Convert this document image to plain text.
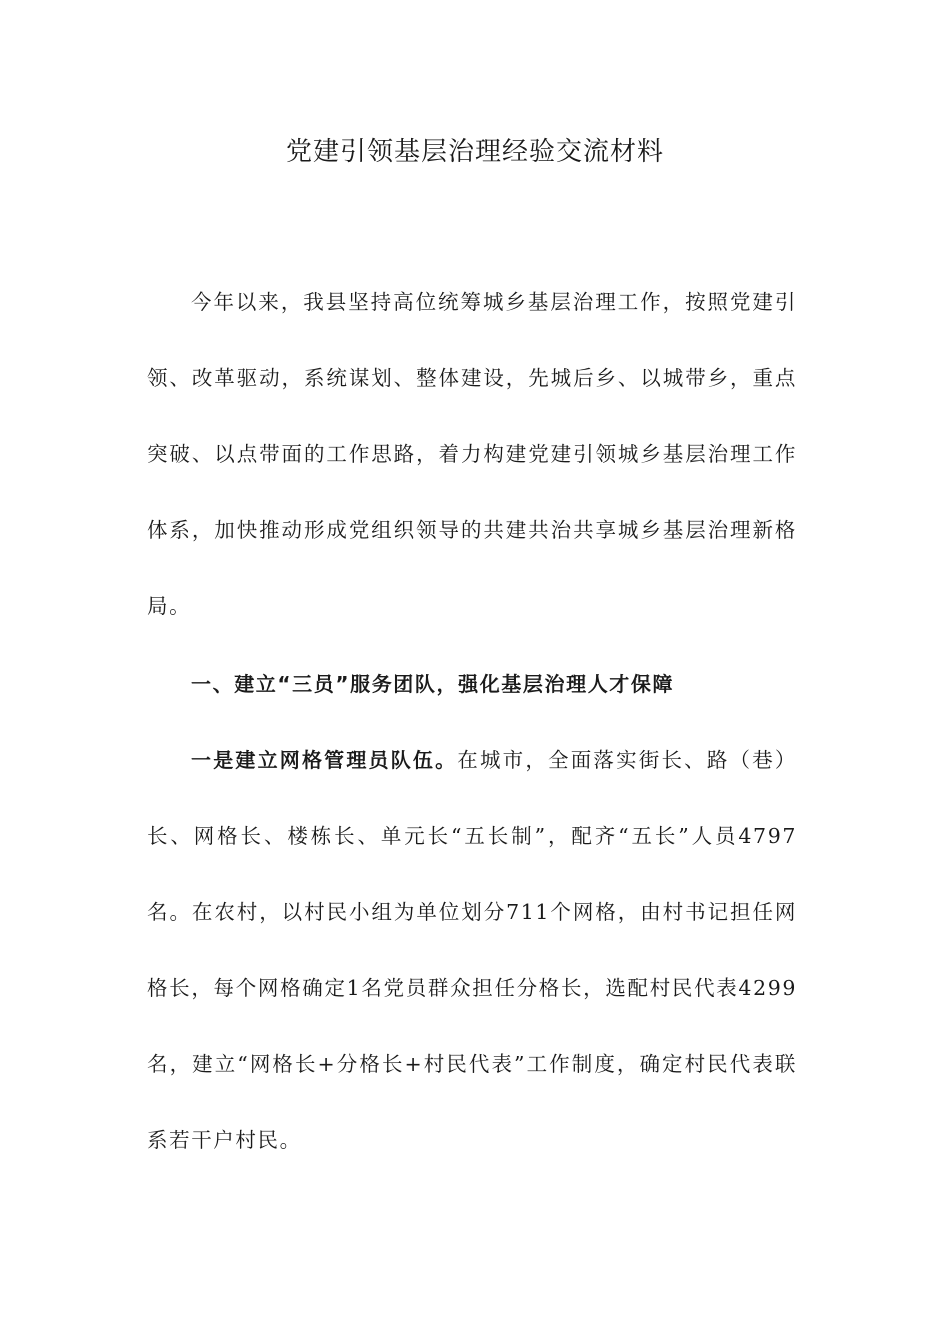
党建引领基层治理经验交流材料

今年以来，我县坚持高位统筹城乡基层治理工作，按照党建引领、改革驱动，系统谋划、整体建设，先城后乡、以城带乡，重点突破、以点带面的工作思路，着力构建党建引领城乡基层治理工作体系，加快推动形成党组织领导的共建共治共享城乡基层治理新格局。

一、建立“三员”服务团队，强化基层治理人才保障

一是建立网格管理员队伍。在城市，全面落实街长、路（巷）长、网格长、楼栋长、单元长“五长制”，配齐“五长”人员4797名。在农村，以村民小组为单位划分711个网格，由村书记担任网格长，每个网格确定1名党员群众担任分格长，选配村民代表4299名，建立“网格长+分格长+村民代表”工作制度，确定村民代表联系若干户村民。
